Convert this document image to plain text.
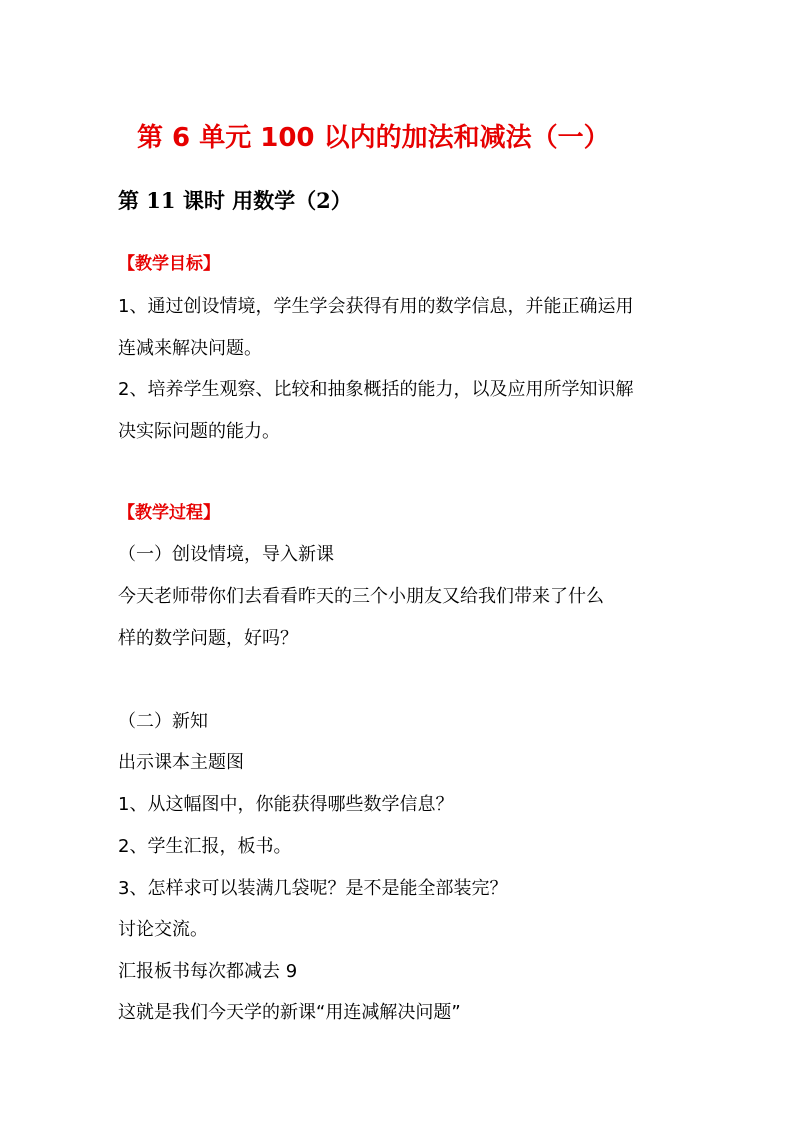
第 6 单元 100 以内的加法和减法（一）
第 11 课时 用数学（2）
【教学目标】
1、通过创设情境，学生学会获得有用的数学信息，并能正确运用
连减来解决问题。
2、培养学生观察、比较和抽象概括的能力，以及应用所学知识解
决实际问题的能力。
【教学过程】
（一）创设情境，导入新课
今天老师带你们去看看昨天的三个小朋友又给我们带来了什么
样的数学问题，好吗？
（二）新知
出示课本主题图
1、从这幅图中，你能获得哪些数学信息？
2、学生汇报，板书。
3、怎样求可以装满几袋呢？是不是能全部装完？
讨论交流。
汇报板书每次都减去 9
这就是我们今天学的新课“用连减解决问题”
